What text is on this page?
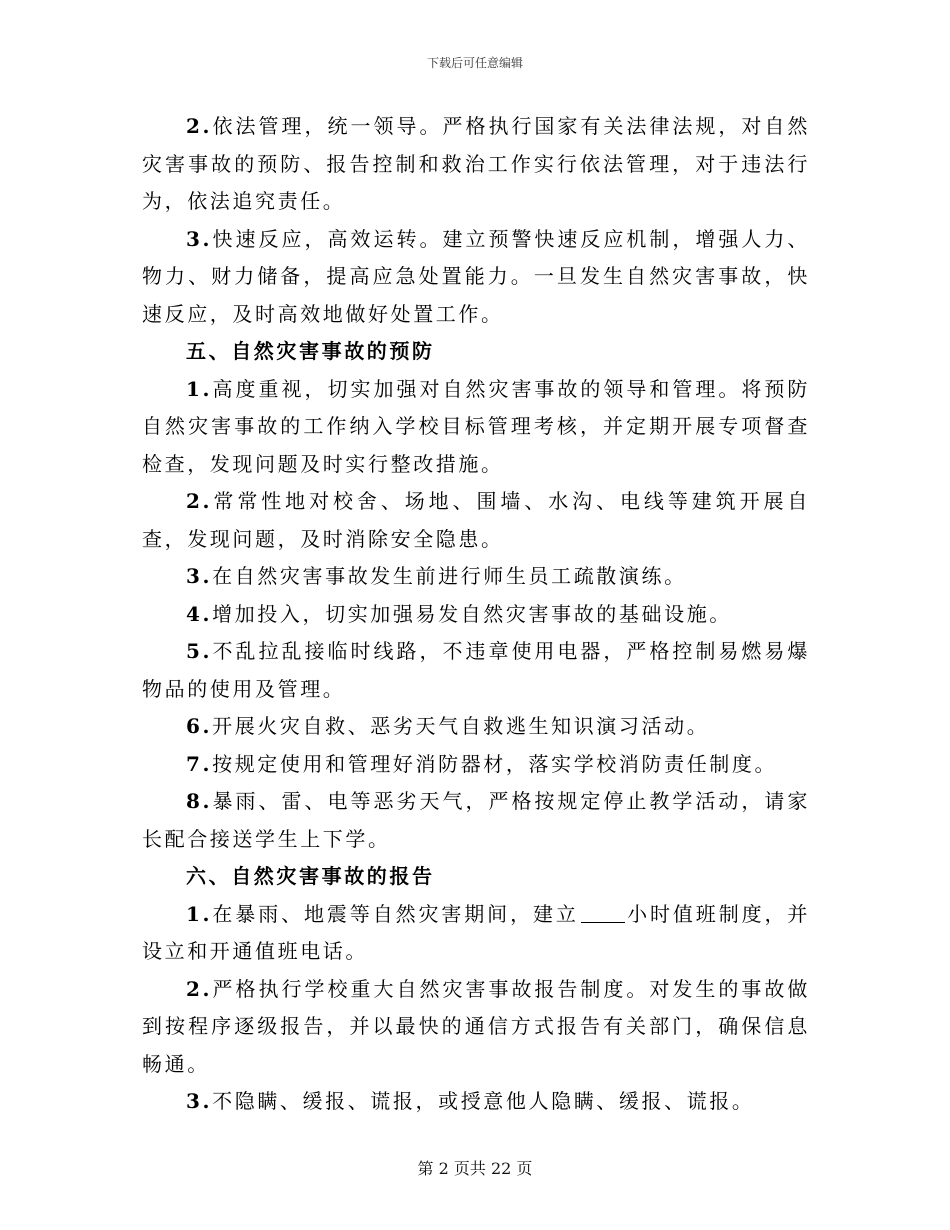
下载后可任意编辑

2.依法管理，统一领导。严格执行国家有关法律法规，对自然灾害事故的预防、报告控制和救治工作实行依法管理，对于违法行为，依法追究责任。

3.快速反应，高效运转。建立预警快速反应机制，增强人力、物力、财力储备，提高应急处置能力。一旦发生自然灾害事故，快速反应，及时高效地做好处置工作。

五、自然灾害事故的预防

1.高度重视，切实加强对自然灾害事故的领导和管理。将预防自然灾害事故的工作纳入学校目标管理考核，并定期开展专项督查检查，发现问题及时实行整改措施。

2.常常性地对校舍、场地、围墙、水沟、电线等建筑开展自查，发现问题，及时消除安全隐患。

3.在自然灾害事故发生前进行师生员工疏散演练。

4.增加投入，切实加强易发自然灾害事故的基础设施。

5.不乱拉乱接临时线路，不违章使用电器，严格控制易燃易爆物品的使用及管理。

6.开展火灾自救、恶劣天气自救逃生知识演习活动。

7.按规定使用和管理好消防器材，落实学校消防责任制度。

8.暴雨、雷、电等恶劣天气，严格按规定停止教学活动，请家长配合接送学生上下学。

六、自然灾害事故的报告

1.在暴雨、地震等自然灾害期间，建立 小时值班制度，并设立和开通值班电话。

2.严格执行学校重大自然灾害事故报告制度。对发生的事故做到按程序逐级报告，并以最快的通信方式报告有关部门，确保信息畅通。

3.不隐瞒、缓报、谎报，或授意他人隐瞒、缓报、谎报。

第 2 页共 22 页
